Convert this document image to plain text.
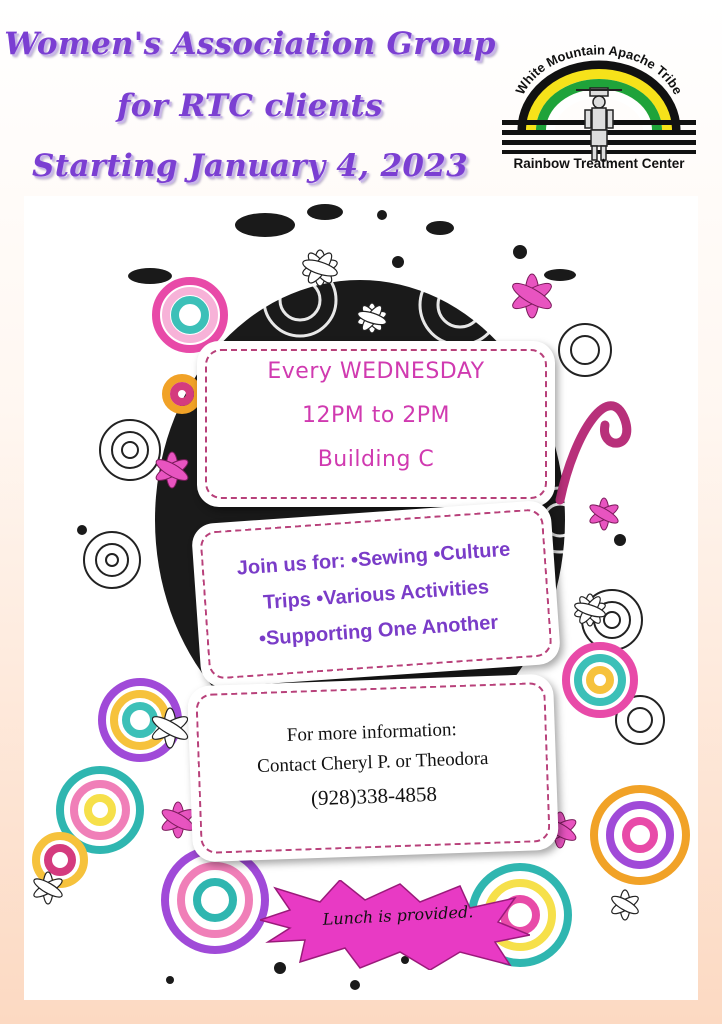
Women's Association Group
for RTC clients
Starting January 4, 2023
White Mountain Apache Tribe
Rainbow Treatment Center
Every WEDNESDAY
12PM to 2PM
Building C
Join us for: •Sewing •Culture
Trips •Various Activities
•Supporting One Another
For more information:
Contact Cheryl P. or Theodora
(928)338-4858
Lunch is provided.
